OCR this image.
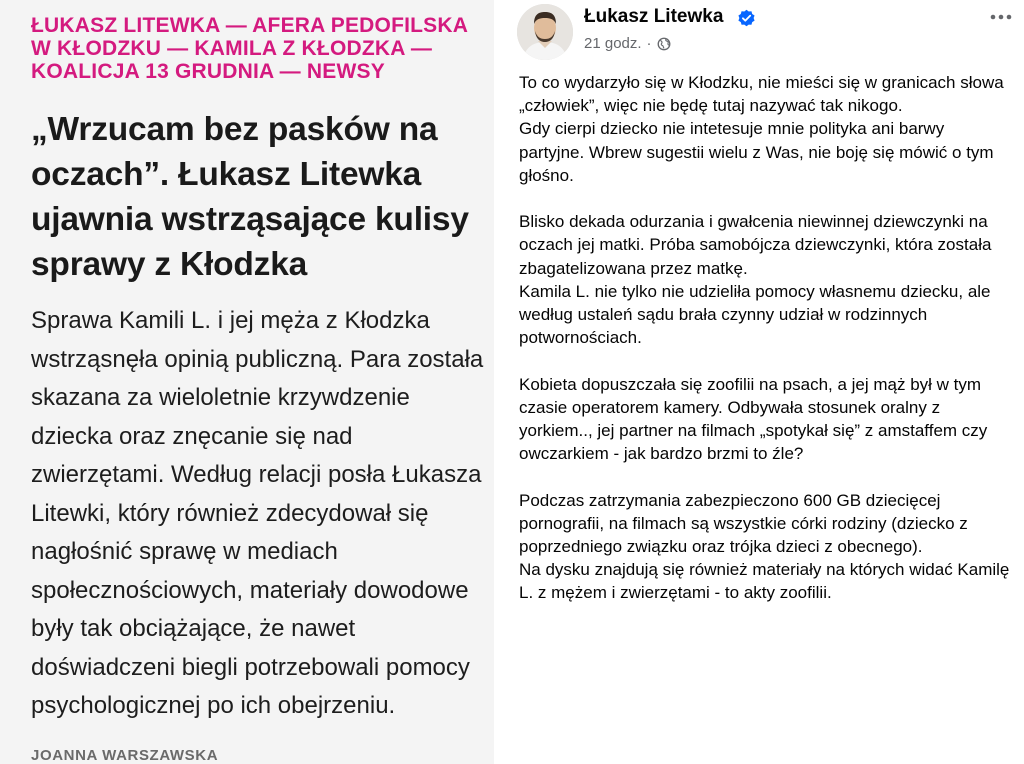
ŁUKASZ LITEWKA — AFERA PEDOFILSKA W KŁODZKU — KAMILA Z KŁODZKA — KOALICJA 13 GRUDNIA — NEWSY
„Wrzucam bez pasków na oczach”. Łukasz Litewka ujawnia wstrząsające kulisy sprawy z Kłodzka

Sprawa Kamili L. i jej męża z Kłodzka wstrząsnęła opinią publiczną. Para została skazana za wieloletnie krzywdzenie dziecka oraz znęcanie się nad zwierzętami. Według relacji posła Łukasza Litewki, który również zdecydował się nagłośnić sprawę w mediach społecznościowych, materiały dowodowe były tak obciążające, że nawet doświadczeni biegli potrzebowali pomocy psychologicznej po ich obejrzeniu.

JOANNA WARSZAWSKA
Łukasz Litewka
21 godz. ·

To co wydarzyło się w Kłodzku, nie mieści się w granicach słowa „człowiek”, więc nie będę tutaj nazywać tak nikogo.
Gdy cierpi dziecko nie intetesuje mnie polityka ani barwy partyjne. Wbrew sugestii wielu z Was, nie boję się mówić o tym głośno.

Blisko dekada odurzania i gwałcenia niewinnej dziewczynki na oczach jej matki. Próba samobójcza dziewczynki, która została zbagatelizowana przez matkę.
Kamila L. nie tylko nie udzieliła pomocy własnemu dziecku, ale według ustaleń sądu brała czynny udział w rodzinnych potwornościach.

Kobieta dopuszczała się zoofilii na psach, a jej mąż był w tym czasie operatorem kamery. Odbywała stosunek oralny z yorkiem.., jej partner na filmach „spotykał się” z amstaffem czy owczarkiem - jak bardzo brzmi to źle?

Podczas zatrzymania zabezpieczono 600 GB dziecięcej pornografii, na filmach są wszystkie córki rodziny (dziecko z poprzedniego związku oraz trójka dzieci z obecnego).
Na dysku znajdują się również materiały na których widać Kamilę L. z mężem i zwierzętami - to akty zoofilii.
